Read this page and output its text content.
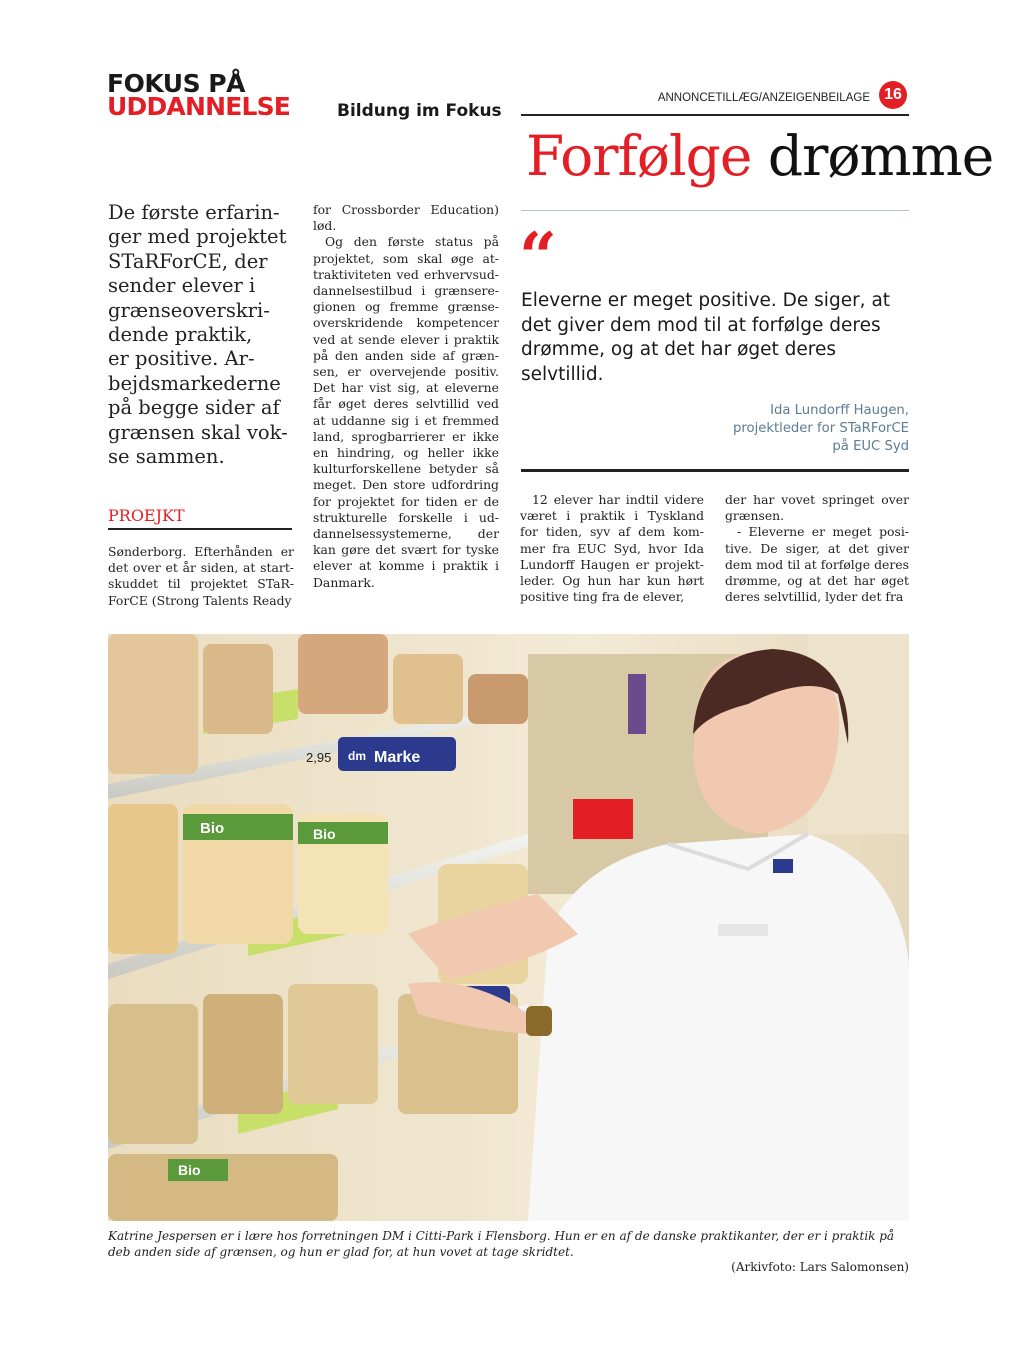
FOKUS PÅ
UDDANNELSE	Bildung im Fokus
ANNONCETILLÆG/ANZEIGENBEILAGE 16
Forfølge drømme
De første erfarin-
ger med projektet
STaRForCE, der
sender elever i
grænseoverskri-
dende praktik,
er positive. Ar-
bejdsmarkederne
på begge sider af
grænsen skal vok-
se sammen.
PROEJKT

Sønderborg. Efterhånden er det over et år siden, at start-skuddet til projektet STaR-ForCE (Strong Talents Ready

for Crossborder Education) lød.

Og den første status på projektet, som skal øge at-traktiviteten ved erhvervsud-dannelsestilbud i grænsere-gionen og fremme grænse-overskridende kompetencer ved at sende elever i praktik på den anden side af græn-sen, er overvejende positiv. Det har vist sig, at eleverne får øget deres selvtillid ved at uddanne sig i et fremmed land, sprogbarrierer er ikke en hindring, og heller ikke kulturforskellene betyder så meget. Den store udfordring for projektet for tiden er de strukturelle forskelle i ud-dannelsessystemerne, der kan gøre det svært for tyske elever at komme i praktik i Danmark.

12 elever har indtil videre været i praktik i Tyskland for tiden, syv af dem kom-mer fra EUC Syd, hvor Ida Lundorff Haugen er projekt-leder. Og hun har kun hørt positive ting fra de elever,

der har vovet springet over grænsen.

- Eleverne er meget posi-tive. De siger, at det giver dem mod til at forfølge deres drømme, og at det har øget deres selvtillid, lyder det fra

“
Eleverne er meget positive. De siger, at det giver dem mod til at forfølge deres drømme, og at det har øget deres selvtillid.
Ida Lundorff Haugen,
projektleder for STaRForCE
på EUC Syd
2,95
Bio	Bio
Bio
dm Marke
Katrine Jespersen er i lære hos forretningen DM i Citti-Park i Flensborg. Hun er en af de danske praktikanter, der er i praktik på deb anden side af grænsen, og hun er glad for, at hun vovet at tage skridtet.
(Arkivfoto: Lars Salomonsen)
